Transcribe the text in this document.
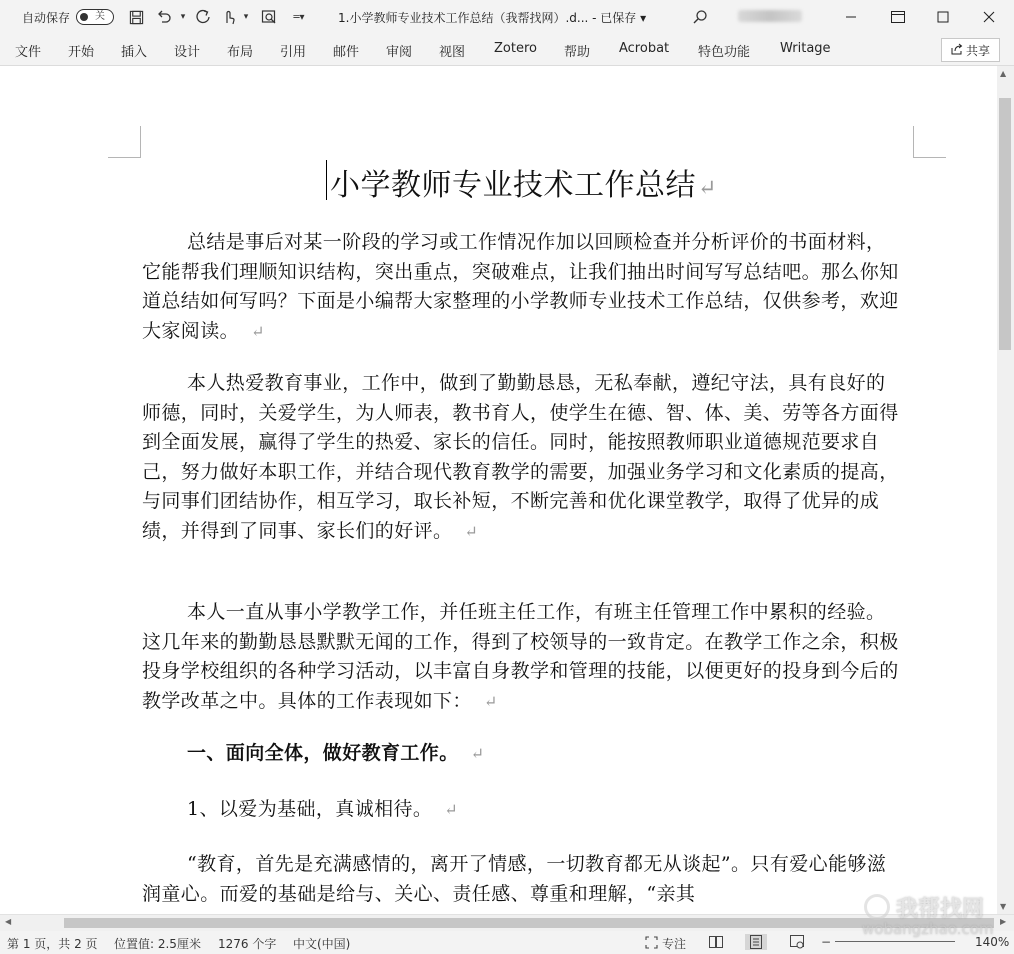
自动保存 关	▾	▾	═▾	1.小学教师专业技术工作总结（我帮找网）.d... - 已保存 ▾
文件 开始 插入 设计 布局 引用 邮件 审阅 视图 Zotero 帮助 Acrobat 特色功能 Writage	共享
小学教师专业技术工作总结↵

总结是事后对某一阶段的学习或工作情况作加以回顾检查并分析评价的书面材料，它能帮我们理顺知识结构，突出重点，突破难点，让我们抽出时间写写总结吧。那么你知道总结如何写吗？下面是小编帮大家整理的小学教师专业技术工作总结，仅供参考，欢迎大家阅读。 ↵

本人热爱教育事业，工作中，做到了勤勤恳恳，无私奉献，遵纪守法，具有良好的师德，同时，关爱学生，为人师表，教书育人，使学生在德、智、体、美、劳等各方面得到全面发展，赢得了学生的热爱、家长的信任。同时，能按照教师职业道德规范要求自己，努力做好本职工作，并结合现代教育教学的需要，加强业务学习和文化素质的提高，与同事们团结协作，相互学习，取长补短，不断完善和优化课堂教学，取得了优异的成绩，并得到了同事、家长们的好评。 ↵

本人一直从事小学教学工作，并任班主任工作，有班主任管理工作中累积的经验。这几年来的勤勤恳恳默默无闻的工作，得到了校领导的一致肯定。在教学工作之余，积极投身学校组织的各种学习活动，以丰富自身教学和管理的技能，以便更好的投身到今后的教学改革之中。具体的工作表现如下： ↵

一、面向全体，做好教育工作。 ↵

1、以爱为基础，真诚相待。 ↵

“教育，首先是充满感情的，离开了情感，一切教育都无从谈起”。只有爱心能够滋润童心。而爱的基础是给与、关心、责任感、尊重和理解，“亲其

▲
▼
◀	▶
第 1 页，共 2 页 位置值: 2.5厘米 1276 个字 中文(中国)	专注	−	140%
我帮找网
wobangzhao.com
